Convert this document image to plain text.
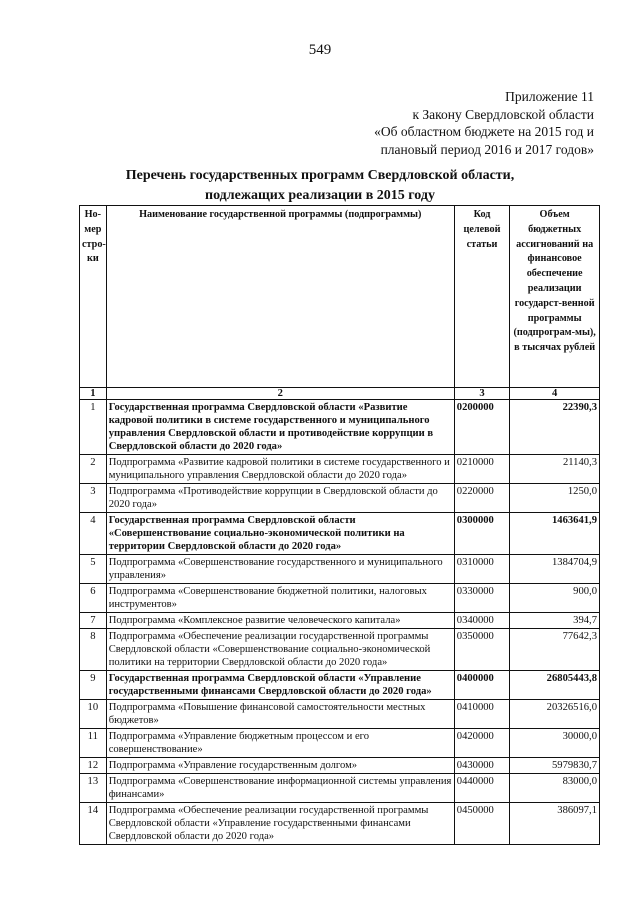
549
Приложение 11
к Закону Свердловской области
«Об областном бюджете на 2015 год и
плановый период 2016 и 2017 годов»
Перечень государственных программ Свердловской области,
подлежащих реализации в 2015 году
Но-мер стро-ки	Наименование государственной программы (подпрограммы)	Код целевой статьи	Объем бюджетных ассигнований на финансовое обеспечение реализации государст-венной программы (подпрограм-мы), в тысячах рублей
1	2	3	4
1	Государственная программа Свердловской области «Развитие кадровой политики в системе государственного и муниципального управления Свердловской области и противодействие коррупции в Свердловской области до 2020 года»	0200000	22390,3
2	Подпрограмма «Развитие кадровой политики в системе государственного и муниципального управления Свердловской области до 2020 года»	0210000	21140,3
3	Подпрограмма «Противодействие коррупции в Свердловской области до 2020 года»	0220000	1250,0
4	Государственная программа Свердловской области «Совершенствование социально-экономической политики на территории Свердловской области до 2020 года»	0300000	1463641,9
5	Подпрограмма «Совершенствование государственного и муниципального управления»	0310000	1384704,9
6	Подпрограмма «Совершенствование бюджетной политики, налоговых инструментов»	0330000	900,0
7	Подпрограмма «Комплексное развитие человеческого капитала»	0340000	394,7
8	Подпрограмма «Обеспечение реализации государственной программы Свердловской области «Совершенствование социально-экономической политики на территории Свердловской области до 2020 года»	0350000	77642,3
9	Государственная программа Свердловской области «Управление государственными финансами Свердловской области до 2020 года»	0400000	26805443,8
10	Подпрограмма «Повышение финансовой самостоятельности местных бюджетов»	0410000	20326516,0
11	Подпрограмма «Управление бюджетным процессом и его совершенствование»	0420000	30000,0
12	Подпрограмма «Управление государственным долгом»	0430000	5979830,7
13	Подпрограмма «Совершенствование информационной системы управления финансами»	0440000	83000,0
14	Подпрограмма «Обеспечение реализации государственной программы Свердловской области «Управление государственными финансами Свердловской области до 2020 года»	0450000	386097,1
